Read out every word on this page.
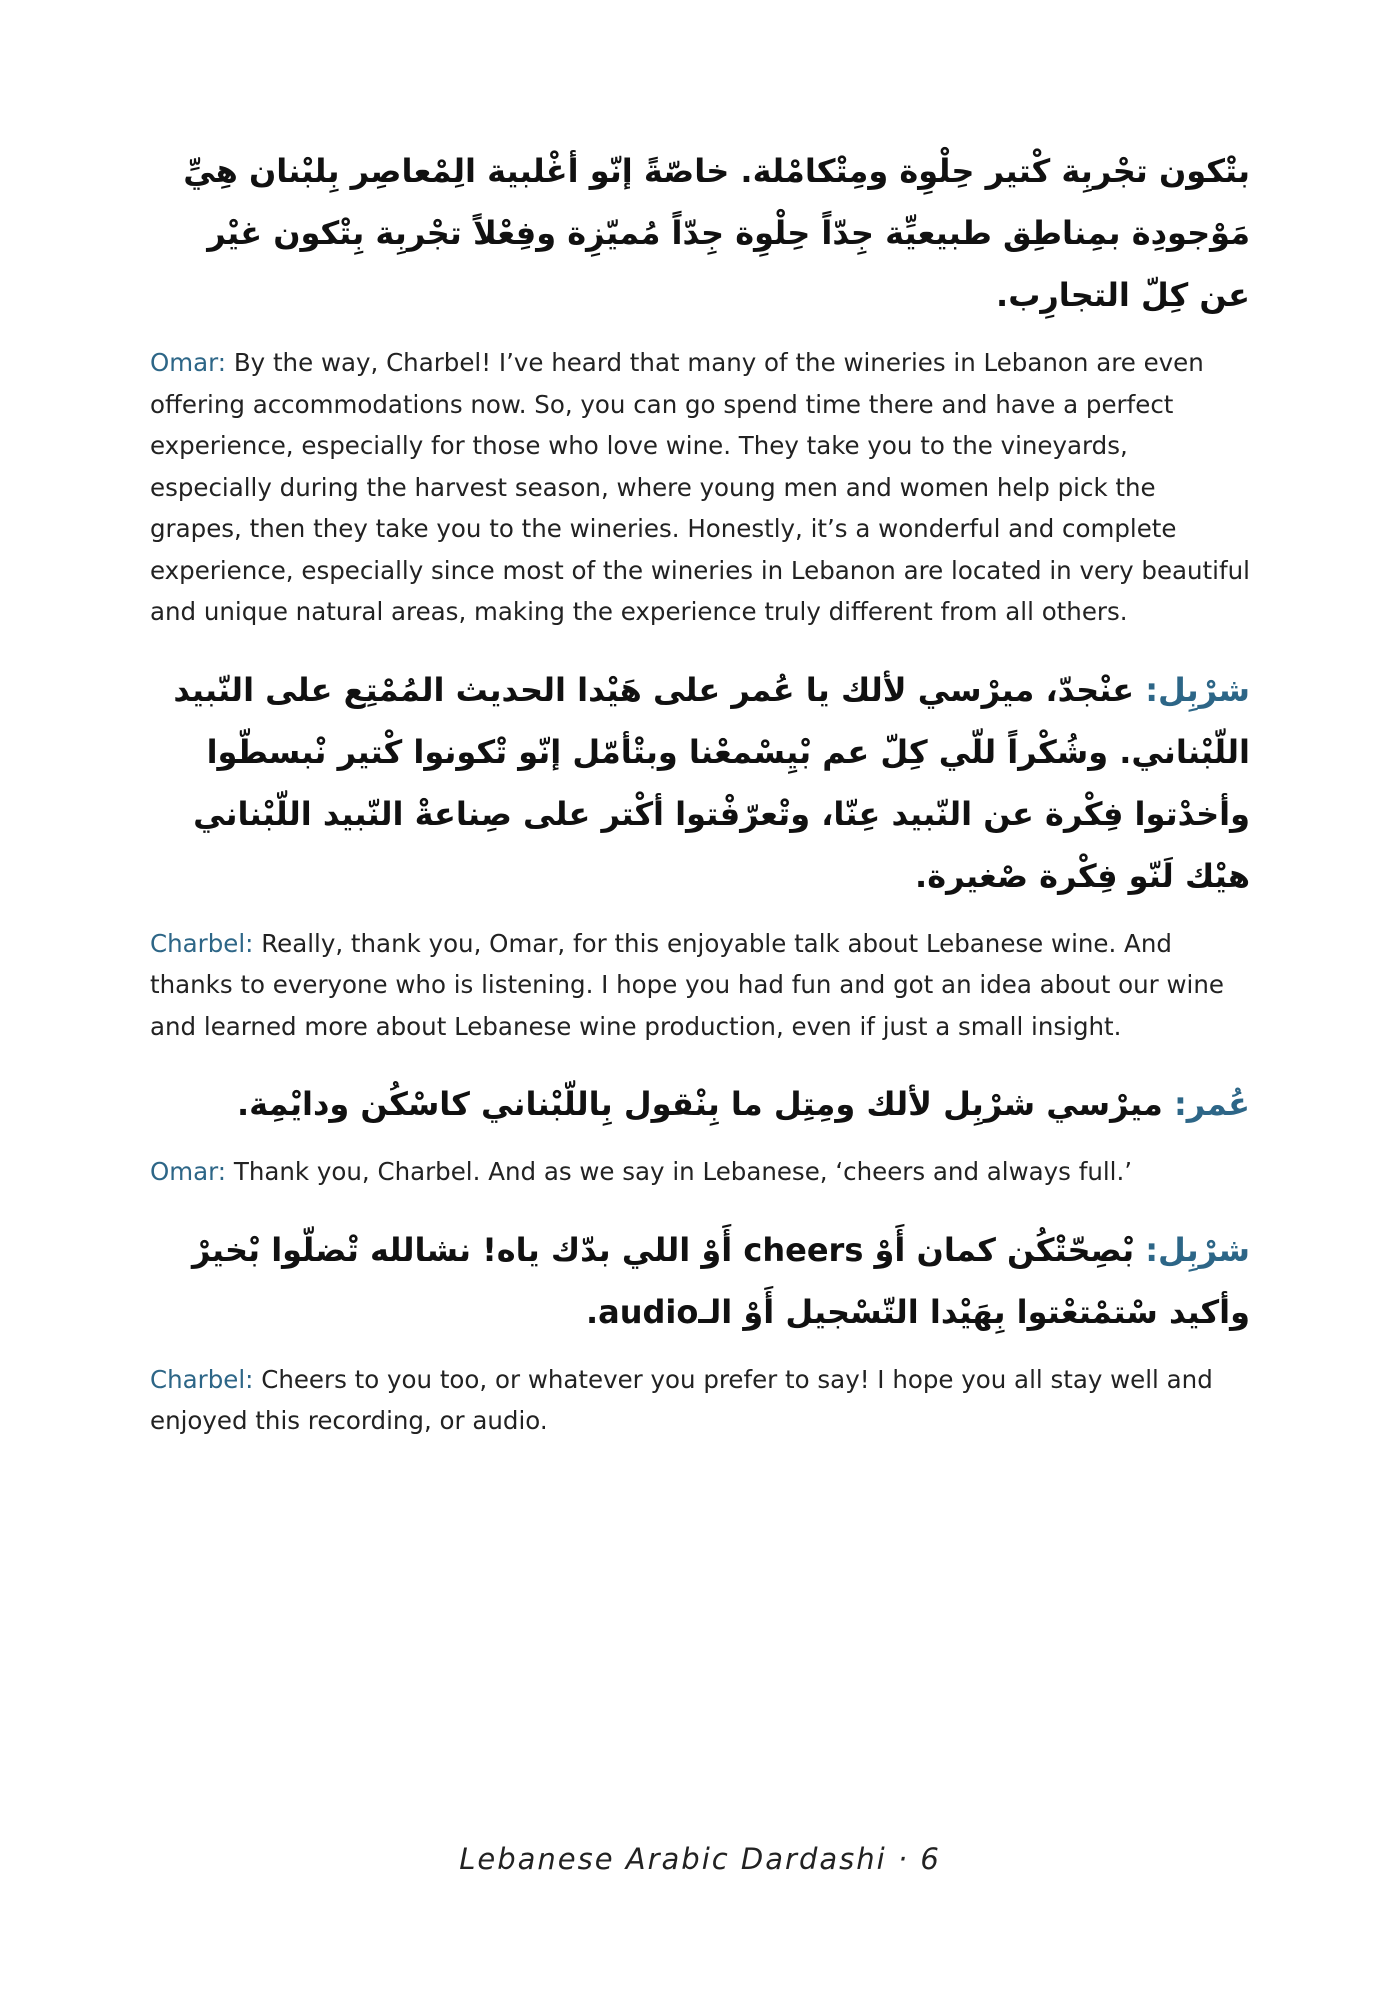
بتْكون تجْربِة كْتير حِلْوِة ومِتْكامْلة. خاصّةً إنّو أغْلبية الِمْعاصِر بِلبْنان هِيِّ مَوْجودِة بمِناطِق طبيعيِّة جِدّاً حِلْوِة جِدّاً مُميّزِة وفِعْلاً تجْربِة بِتْكون غيْر عن كِلّ التجارِب.

Omar: By the way, Charbel! I’ve heard that many of the wineries in Lebanon are even offering accommodations now. So, you can go spend time there and have a perfect experience, especially for those who love wine. They take you to the vineyards, especially during the harvest season, where young men and women help pick the grapes, then they take you to the wineries. Honestly, it’s a wonderful and complete experience, especially since most of the wineries in Lebanon are located in very beautiful and unique natural areas, making the experience truly different from all others.

شرْبِل: عنْجدّ، ميرْسي لألك يا عُمر على هَيْدا الحديث المُمْتِع على النّبيد اللّبْناني. وشُكْراً للّي كِلّ عم بْيِسْمعْنا وبتْأمّل إنّو تْكونوا كْتير نْبسطّوا وأخدْتوا فِكْرة عن النّبيد عِنّا، وتْعرّفْتوا أكْتر على صِناعةْ النّبيد اللّبْناني هيْك لَنّو فِكْرة صْغيرة.

Charbel: Really, thank you, Omar, for this enjoyable talk about Lebanese wine. And thanks to everyone who is listening. I hope you had fun and got an idea about our wine and learned more about Lebanese wine production, even if just a small insight.

عُمر: ميرْسي شرْبِل لألك ومِتِل ما بِنْقول بِاللّبْناني كاسْكُن ودايْمِة.

Omar: Thank you, Charbel. And as we say in Lebanese, ‘cheers and always full.’

شرْبِل: بْصِحّتْكُن كمان أَوْ cheers أَوْ اللي بدّك ياه! نشالله تْضلّوا بْخيرْ وأكيد سْتمْتعْتوا بِهَيْدا التّسْجيل أَوْ الـaudio.

Charbel: Cheers to you too, or whatever you prefer to say! I hope you all stay well and enjoyed this recording, or audio.

Lebanese Arabic Dardashi · 6
